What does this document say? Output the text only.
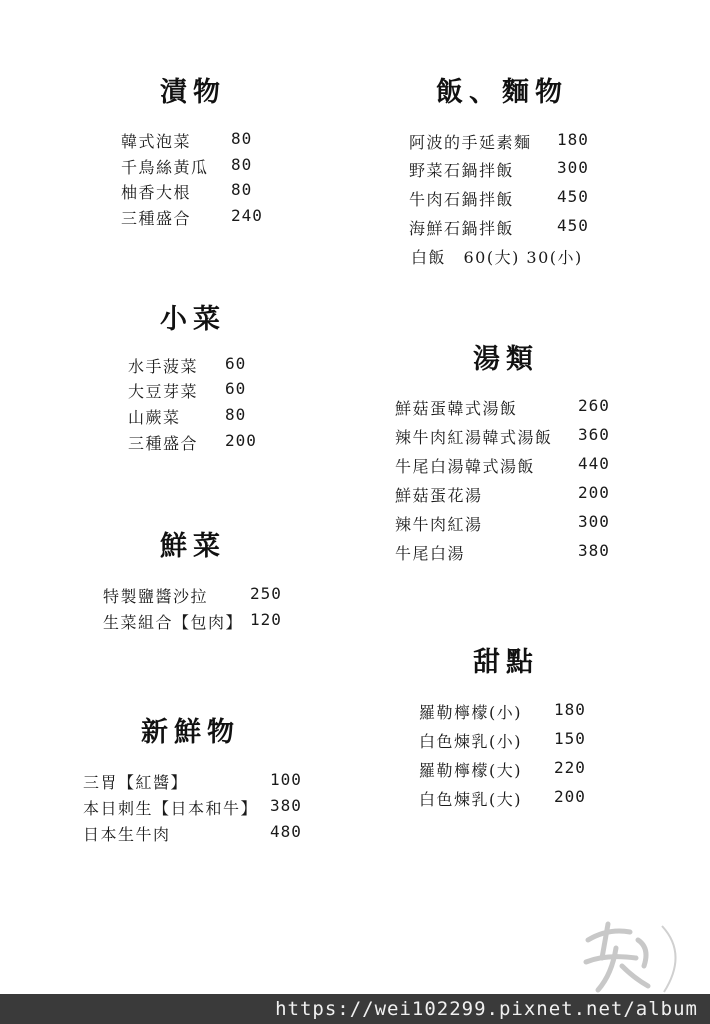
漬物
韓式泡菜 80
千鳥絲黃瓜 80
柚香大根 80
三種盛合 240
飯、麵物
阿波的手延素麵 180
野菜石鍋拌飯	300
牛肉石鍋拌飯	450
海鮮石鍋拌飯	450
白飯　60(大) 30(小)
小菜
水手菠菜 60
大豆芽菜 60
山蕨菜	80
三種盛合 200
湯類
鮮菇蛋韓式湯飯	260
辣牛肉紅湯韓式湯飯 360
牛尾白湯韓式湯飯	440
鮮菇蛋花湯	200
辣牛肉紅湯	300
牛尾白湯	380
鮮菜
特製鹽醬沙拉	250
生菜組合【包肉】 120
甜點
羅勒檸檬(小) 180
白色煉乳(小) 150
羅勒檸檬(大) 220
白色煉乳(大) 200
新鮮物
三胃【紅醬】	100
本日刺生【日本和牛】 380
日本生牛肉	480
https://wei102299.pixnet.net/album
